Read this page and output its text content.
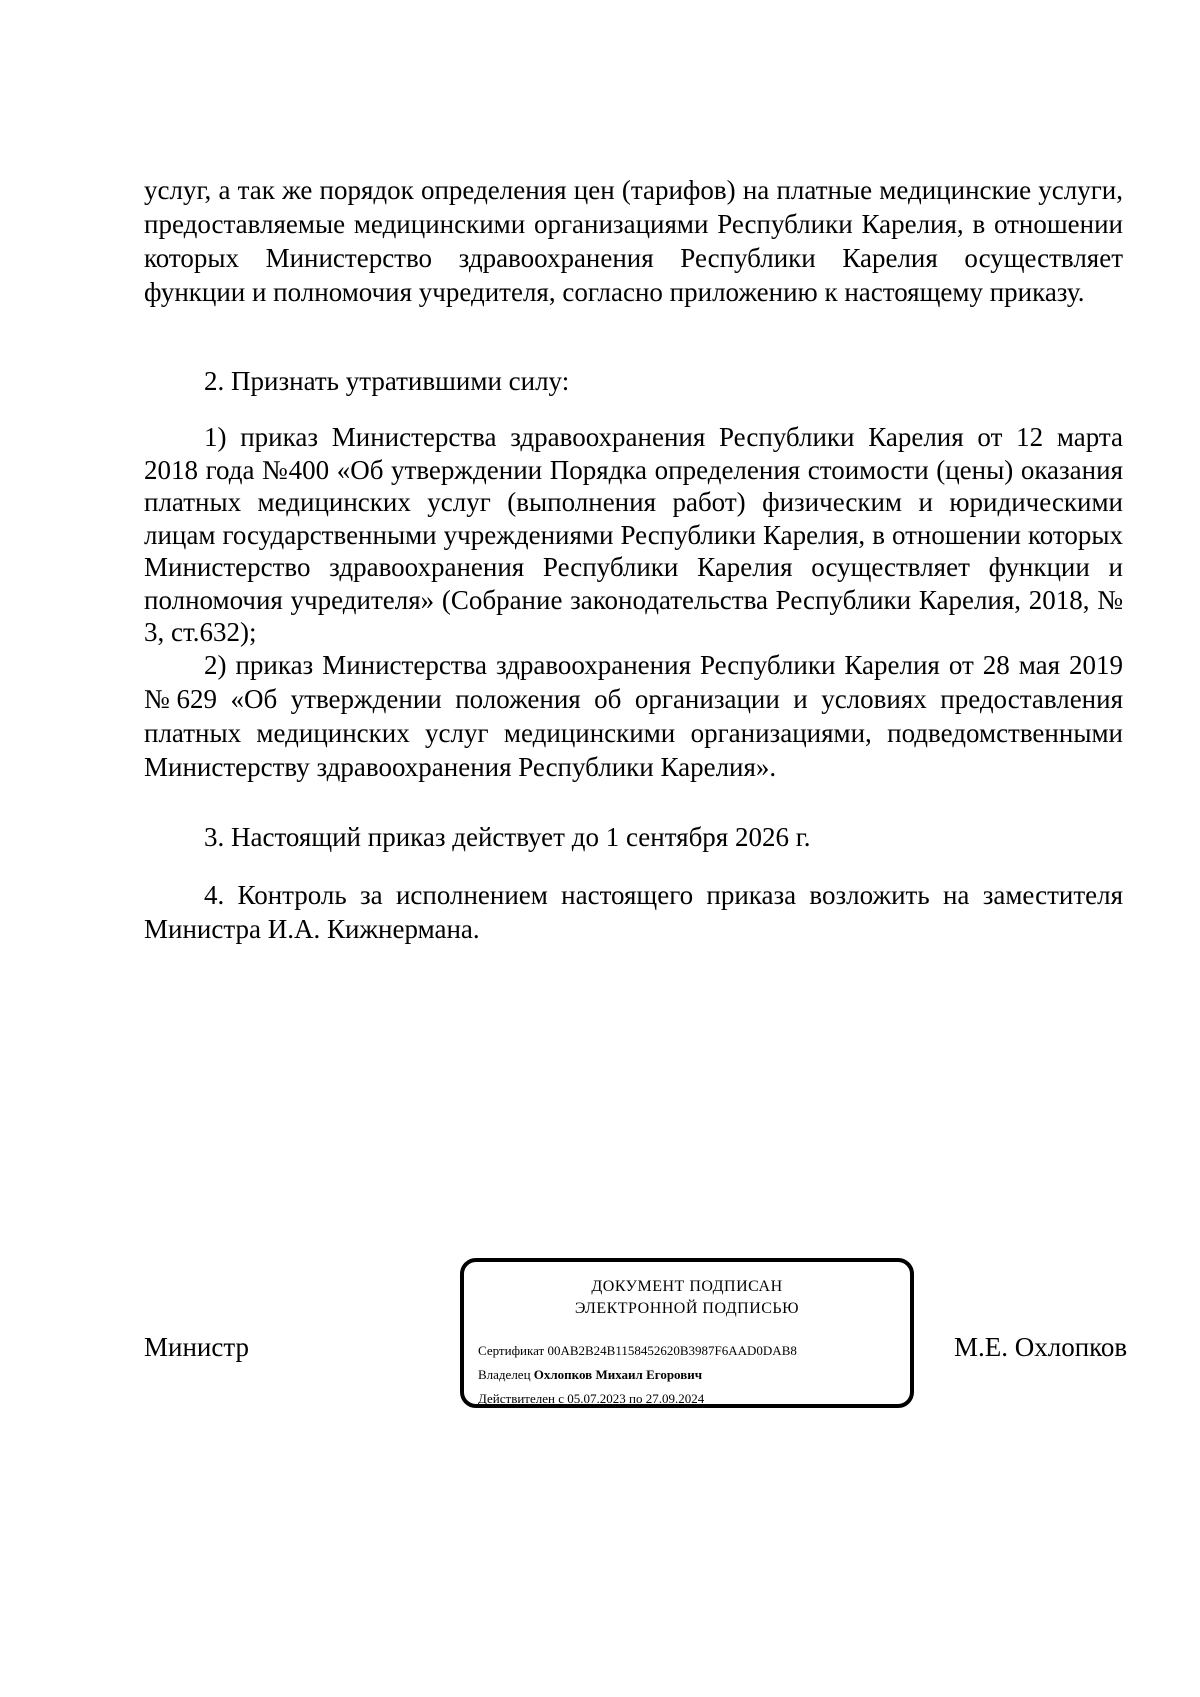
услуг, а так же порядок определения цен (тарифов) на платные медицинские услуги, предоставляемые медицинскими организациями Республики Карелия, в отношении которых Министерство здравоохранения Республики Карелия осуществляет функции и полномочия учредителя, согласно приложению к настоящему приказу.

2. Признать утратившими силу:

1) приказ Министерства здравоохранения Республики Карелия от 12 марта 2018 года №400 «Об утверждении Порядка определения стоимости (цены) оказания платных медицинских услуг (выполнения работ) физическим и юридическими лицам государственными учреждениями Республики Карелия, в отношении которых Министерство здравоохранения Республики Карелия осуществляет функции и полномочия учредителя» (Собрание законодательства Республики Карелия, 2018, № 3, ст.632);

2) приказ Министерства здравоохранения Республики Карелия от 28 мая 2019 №629 «Об утверждении положения об организации и условиях предоставления платных медицинских услуг медицинскими организациями, подведомственными Министерству здравоохранения Республики Карелия».

3. Настоящий приказ действует до 1 сентября 2026 г.

4. Контроль за исполнением настоящего приказа возложить на заместителя Министра И.А. Кижнермана.

Министр
ДОКУМЕНТ ПОДПИСАН
ЭЛЕКТРОННОЙ ПОДПИСЬЮ
Сертификат 00AB2B24B1158452620B3987F6AAD0DAB8
Владелец Охлопков Михаил Егорович
Действителен с 05.07.2023 по 27.09.2024
М.Е. Охлопков
